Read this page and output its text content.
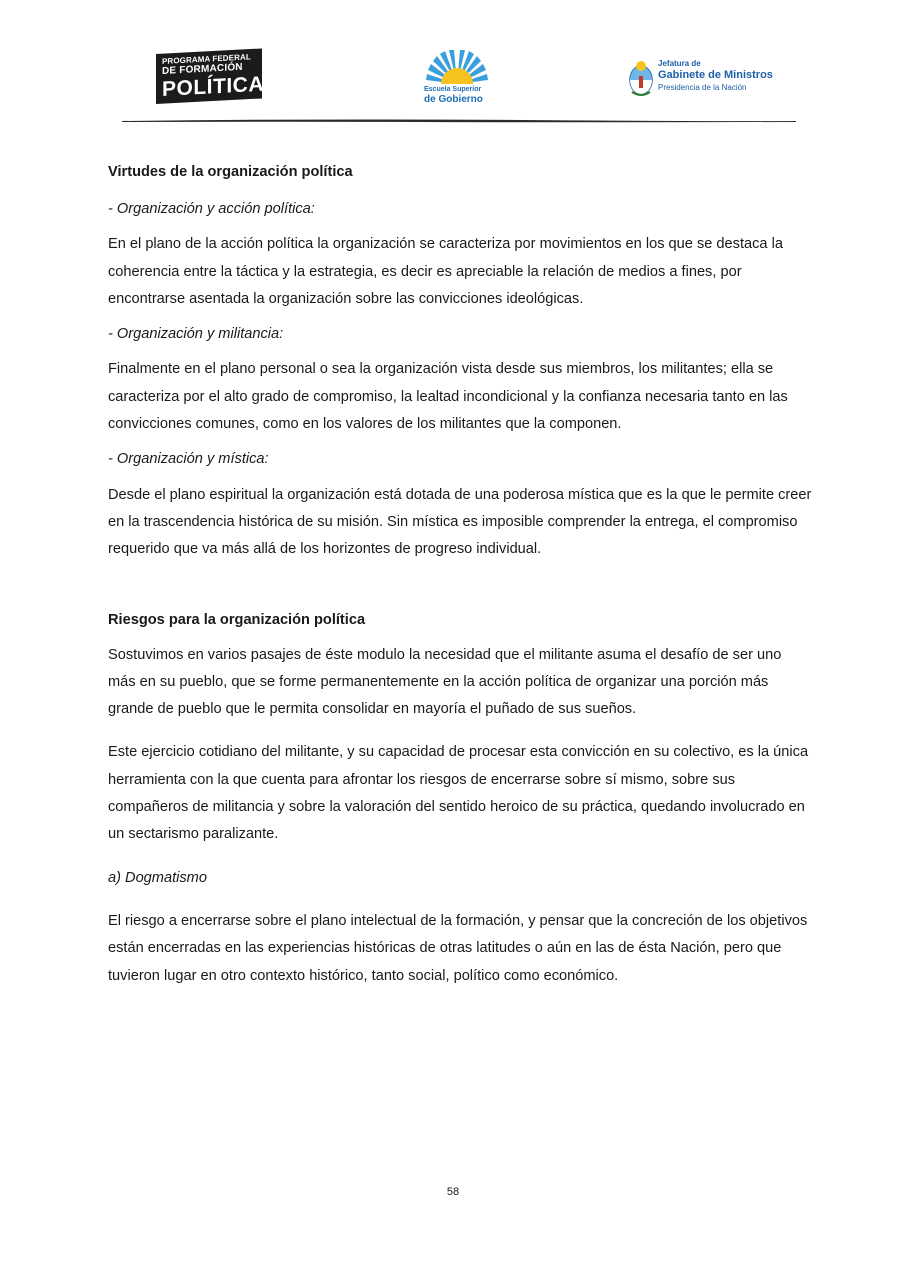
PROGRAMA FEDERAL
DE FORMACIÓN
POLÍTICA	Escuela Superior
de Gobierno
Jefatura de
Gabinete de Ministros
Presidencia de la Nación
Virtudes de la organización política

- Organización y acción política:

En el plano de la acción política la organización se caracteriza por movimientos en los que se destaca la coherencia entre la táctica y la estrategia, es decir es apreciable la relación de medios a fines, por encontrarse asentada la organización sobre las convicciones ideológicas.

- Organización y militancia:

Finalmente en el plano personal o sea la organización vista desde sus miembros, los militantes; ella se caracteriza por el alto grado de compromiso, la lealtad incondicional y la confianza necesaria tanto en las convicciones comunes, como en los valores de los militantes que la componen.

- Organización y mística:

Desde el plano espiritual la organización está dotada de una poderosa mística que es la que le permite creer en la trascendencia histórica de su misión. Sin mística es imposible comprender la entrega, el compromiso requerido que va más allá de los horizontes de progreso individual.

Riesgos para la organización política

Sostuvimos en varios pasajes de éste modulo la necesidad que el militante asuma el desafío de ser uno más en su pueblo, que se forme permanentemente en la acción política de organizar una porción más grande de pueblo que le permita consolidar en mayoría el puñado de sus sueños.

Este ejercicio cotidiano del militante, y su capacidad de procesar esta convicción en su colectivo, es la única herramienta con la que cuenta para afrontar los riesgos de encerrarse sobre sí mismo, sobre sus compañeros de militancia y sobre la valoración del sentido heroico de su práctica, quedando involucrado en un sectarismo paralizante.

a) Dogmatismo

El riesgo a encerrarse sobre el plano intelectual de la formación, y pensar que la concreción de los objetivos están encerradas en las experiencias históricas de otras latitudes o aún en las de ésta Nación, pero que tuvieron lugar en otro contexto histórico, tanto social, político como económico.

58
